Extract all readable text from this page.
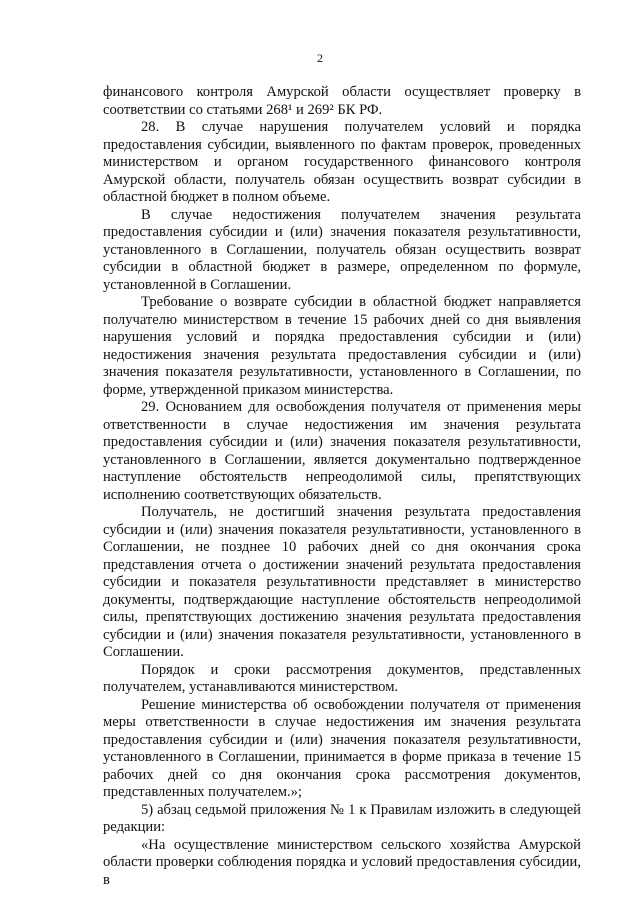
2

финансового контроля Амурской области осуществляет проверку в соответствии со статьями 268¹ и 269² БК РФ.

28. В случае нарушения получателем условий и порядка предоставления субсидии, выявленного по фактам проверок, проведенных министерством и органом государственного финансового контроля Амурской области, получатель обязан осуществить возврат субсидии в областной бюджет в полном объеме.

В случае недостижения получателем значения результата предоставления субсидии и (или) значения показателя результативности, установленного в Соглашении, получатель обязан осуществить возврат субсидии в областной бюджет в размере, определенном по формуле, установленной в Соглашении.

Требование о возврате субсидии в областной бюджет направляется получателю министерством в течение 15 рабочих дней со дня выявления нарушения условий и порядка предоставления субсидии и (или) недостижения значения результата предоставления субсидии и (или) значения показателя результативности, установленного в Соглашении, по форме, утвержденной приказом министерства.

29. Основанием для освобождения получателя от применения меры ответственности в случае недостижения им значения результата предоставления субсидии и (или) значения показателя результативности, установленного в Соглашении, является документально подтвержденное наступление обстоятельств непреодолимой силы, препятствующих исполнению соответствующих обязательств.

Получатель, не достигший значения результата предоставления субсидии и (или) значения показателя результативности, установленного в Соглашении, не позднее 10 рабочих дней со дня окончания срока представления отчета о достижении значений результата предоставления субсидии и показателя результативности представляет в министерство документы, подтверждающие наступление обстоятельств непреодолимой силы, препятствующих достижению значения результата предоставления субсидии и (или) значения показателя результативности, установленного в Соглашении.

Порядок и сроки рассмотрения документов, представленных получателем, устанавливаются министерством.

Решение министерства об освобождении получателя от применения меры ответственности в случае недостижения им значения результата предоставления субсидии и (или) значения показателя результативности, установленного в Соглашении, принимается в форме приказа в течение 15 рабочих дней со дня окончания срока рассмотрения документов, представленных получателем.»;

5) абзац седьмой приложения № 1 к Правилам изложить в следующей редакции:

«На осуществление министерством сельского хозяйства Амурской области проверки соблюдения порядка и условий предоставления субсидии, в
